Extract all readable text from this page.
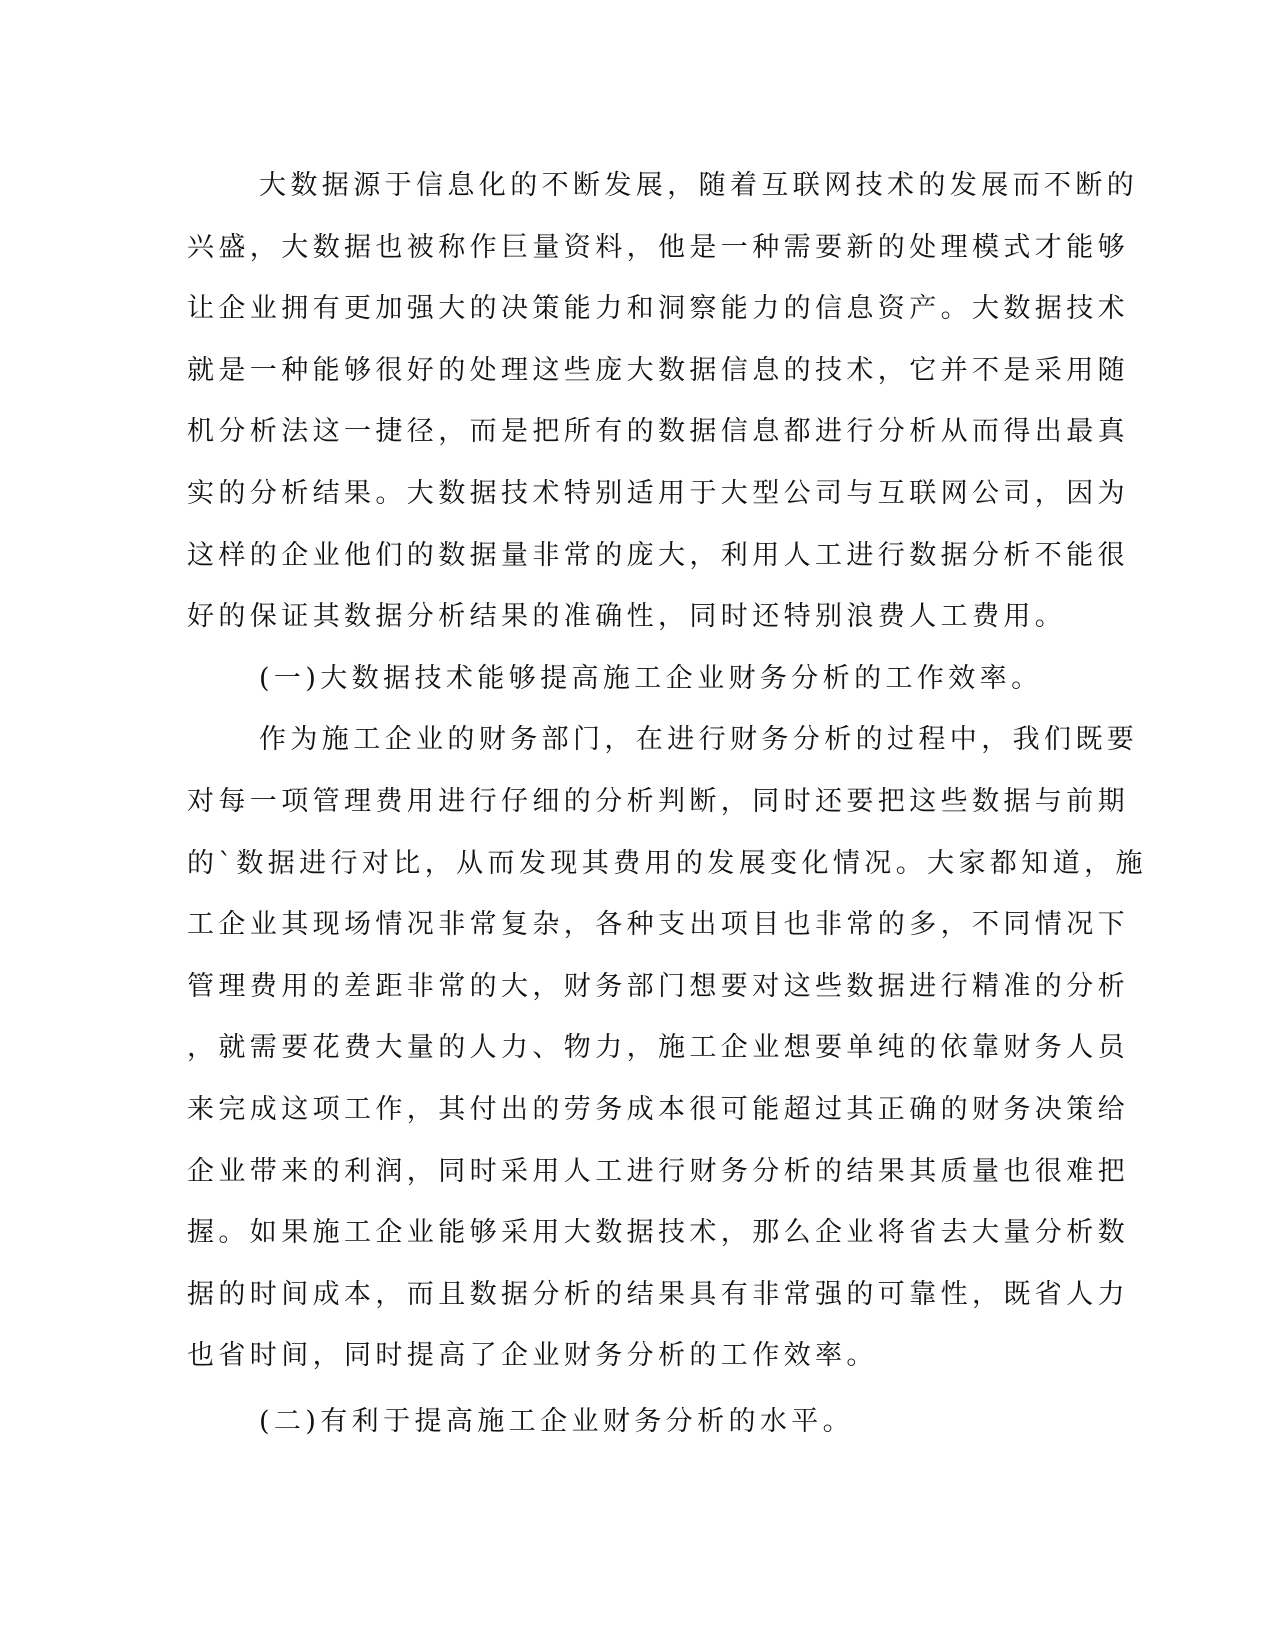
大数据源于信息化的不断发展，随着互联网技术的发展而不断的
兴盛，大数据也被称作巨量资料，他是一种需要新的处理模式才能够
让企业拥有更加强大的决策能力和洞察能力的信息资产。大数据技术
就是一种能够很好的处理这些庞大数据信息的技术，它并不是采用随
机分析法这一捷径，而是把所有的数据信息都进行分析从而得出最真
实的分析结果。大数据技术特别适用于大型公司与互联网公司，因为
这样的企业他们的数据量非常的庞大，利用人工进行数据分析不能很
好的保证其数据分析结果的准确性，同时还特别浪费人工费用。
(一)大数据技术能够提高施工企业财务分析的工作效率。
作为施工企业的财务部门，在进行财务分析的过程中，我们既要
对每一项管理费用进行仔细的分析判断，同时还要把这些数据与前期
的`数据进行对比，从而发现其费用的发展变化情况。大家都知道，施
工企业其现场情况非常复杂，各种支出项目也非常的多，不同情况下
管理费用的差距非常的大，财务部门想要对这些数据进行精准的分析
，就需要花费大量的人力、物力，施工企业想要单纯的依靠财务人员
来完成这项工作，其付出的劳务成本很可能超过其正确的财务决策给
企业带来的利润，同时采用人工进行财务分析的结果其质量也很难把
握。如果施工企业能够采用大数据技术，那么企业将省去大量分析数
据的时间成本，而且数据分析的结果具有非常强的可靠性，既省人力
也省时间，同时提高了企业财务分析的工作效率。
(二)有利于提高施工企业财务分析的水平。
